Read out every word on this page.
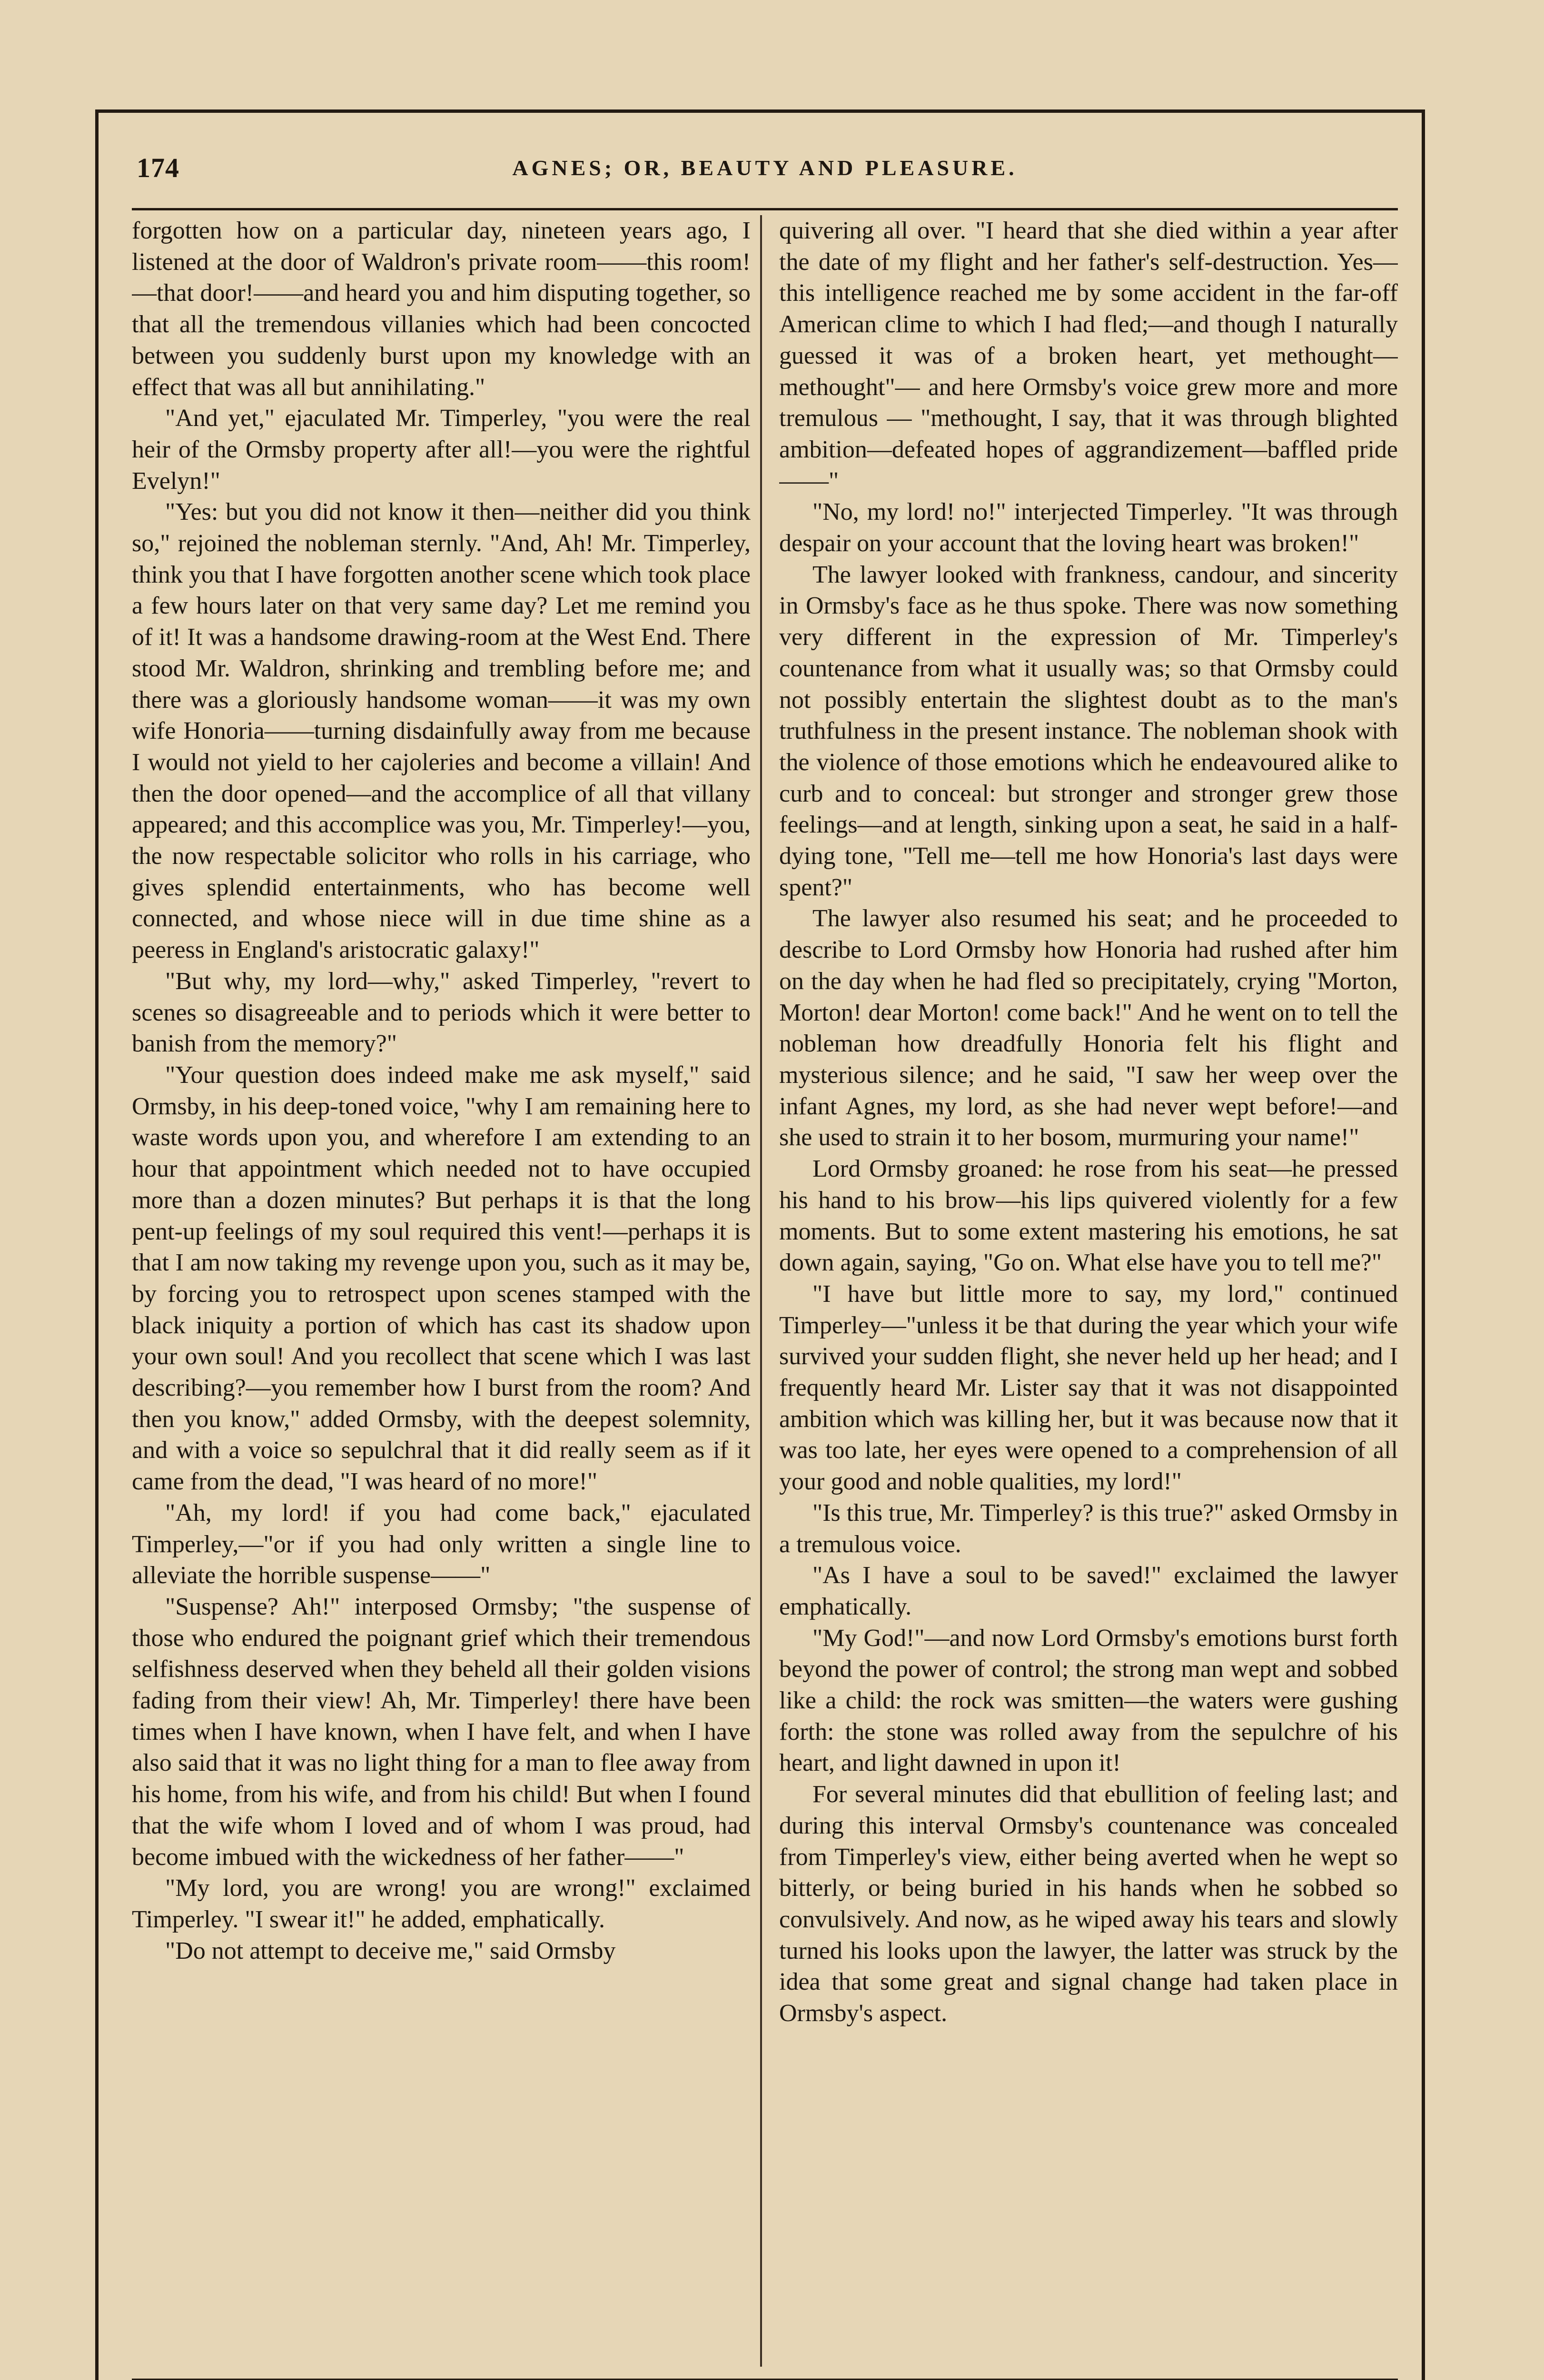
174	AGNES; OR, BEAUTY AND PLEASURE.

forgotten how on a particular day, nineteen years ago, I listened at the door of Waldron's private room——this room!—that door!——and heard you and him disputing together, so that all the tremendous villanies which had been concocted between you suddenly burst upon my knowledge with an effect that was all but annihilating."

"And yet," ejaculated Mr. Timperley, "you were the real heir of the Ormsby property after all!—you were the rightful Evelyn!"

"Yes: but you did not know it then—neither did you think so," rejoined the nobleman sternly. "And, Ah! Mr. Timperley, think you that I have forgotten another scene which took place a few hours later on that very same day? Let me remind you of it! It was a handsome drawing-room at the West End. There stood Mr. Waldron, shrinking and trembling before me; and there was a gloriously handsome woman——it was my own wife Honoria——turning disdainfully away from me because I would not yield to her cajoleries and become a villain! And then the door opened—and the accomplice of all that villany appeared; and this accomplice was you, Mr. Timperley!—you, the now respectable solicitor who rolls in his carriage, who gives splendid entertainments, who has become well connected, and whose niece will in due time shine as a peeress in England's aristocratic galaxy!"

"But why, my lord—why," asked Timperley, "revert to scenes so disagreeable and to periods which it were better to banish from the memory?"

"Your question does indeed make me ask myself," said Ormsby, in his deep-toned voice, "why I am remaining here to waste words upon you, and wherefore I am extending to an hour that appointment which needed not to have occupied more than a dozen minutes? But perhaps it is that the long pent-up feelings of my soul required this vent!—perhaps it is that I am now taking my revenge upon you, such as it may be, by forcing you to retrospect upon scenes stamped with the black iniquity a portion of which has cast its shadow upon your own soul! And you recollect that scene which I was last describing?—you remember how I burst from the room? And then you know," added Ormsby, with the deepest solemnity, and with a voice so sepulchral that it did really seem as if it came from the dead, "I was heard of no more!"

"Ah, my lord! if you had come back," ejaculated Timperley,—"or if you had only written a single line to alleviate the horrible suspense——"

"Suspense? Ah!" interposed Ormsby; "the suspense of those who endured the poignant grief which their tremendous selfishness deserved when they beheld all their golden visions fading from their view! Ah, Mr. Timperley! there have been times when I have known, when I have felt, and when I have also said that it was no light thing for a man to flee away from his home, from his wife, and from his child! But when I found that the wife whom I loved and of whom I was proud, had become imbued with the wickedness of her father——"

"My lord, you are wrong! you are wrong!" exclaimed Timperley. "I swear it!" he added, emphatically.

"Do not attempt to deceive me," said Ormsby

quivering all over. "I heard that she died within a year after the date of my flight and her father's self-destruction. Yes—this intelligence reached me by some accident in the far-off American clime to which I had fled;—and though I naturally guessed it was of a broken heart, yet methought—methought"— and here Ormsby's voice grew more and more tremulous — "methought, I say, that it was through blighted ambition—defeated hopes of aggrandizement—baffled pride——"

"No, my lord! no!" interjected Timperley. "It was through despair on your account that the loving heart was broken!"

The lawyer looked with frankness, candour, and sincerity in Ormsby's face as he thus spoke. There was now something very different in the expression of Mr. Timperley's countenance from what it usually was; so that Ormsby could not possibly entertain the slightest doubt as to the man's truthfulness in the present instance. The nobleman shook with the violence of those emotions which he endeavoured alike to curb and to conceal: but stronger and stronger grew those feelings—and at length, sinking upon a seat, he said in a half-dying tone, "Tell me—tell me how Honoria's last days were spent?"

The lawyer also resumed his seat; and he proceeded to describe to Lord Ormsby how Honoria had rushed after him on the day when he had fled so precipitately, crying "Morton, Morton! dear Morton! come back!" And he went on to tell the nobleman how dreadfully Honoria felt his flight and mysterious silence; and he said, "I saw her weep over the infant Agnes, my lord, as she had never wept before!—and she used to strain it to her bosom, murmuring your name!"

Lord Ormsby groaned: he rose from his seat—he pressed his hand to his brow—his lips quivered violently for a few moments. But to some extent mastering his emotions, he sat down again, saying, "Go on. What else have you to tell me?"

"I have but little more to say, my lord," continued Timperley—"unless it be that during the year which your wife survived your sudden flight, she never held up her head; and I frequently heard Mr. Lister say that it was not disappointed ambition which was killing her, but it was because now that it was too late, her eyes were opened to a comprehension of all your good and noble qualities, my lord!"

"Is this true, Mr. Timperley? is this true?" asked Ormsby in a tremulous voice.

"As I have a soul to be saved!" exclaimed the lawyer emphatically.

"My God!"—and now Lord Ormsby's emotions burst forth beyond the power of control; the strong man wept and sobbed like a child: the rock was smitten—the waters were gushing forth: the stone was rolled away from the sepulchre of his heart, and light dawned in upon it!

For several minutes did that ebullition of feeling last; and during this interval Ormsby's countenance was concealed from Timperley's view, either being averted when he wept so bitterly, or being buried in his hands when he sobbed so convulsively. And now, as he wiped away his tears and slowly turned his looks upon the lawyer, the latter was struck by the idea that some great and signal change had taken place in Ormsby's aspect.
